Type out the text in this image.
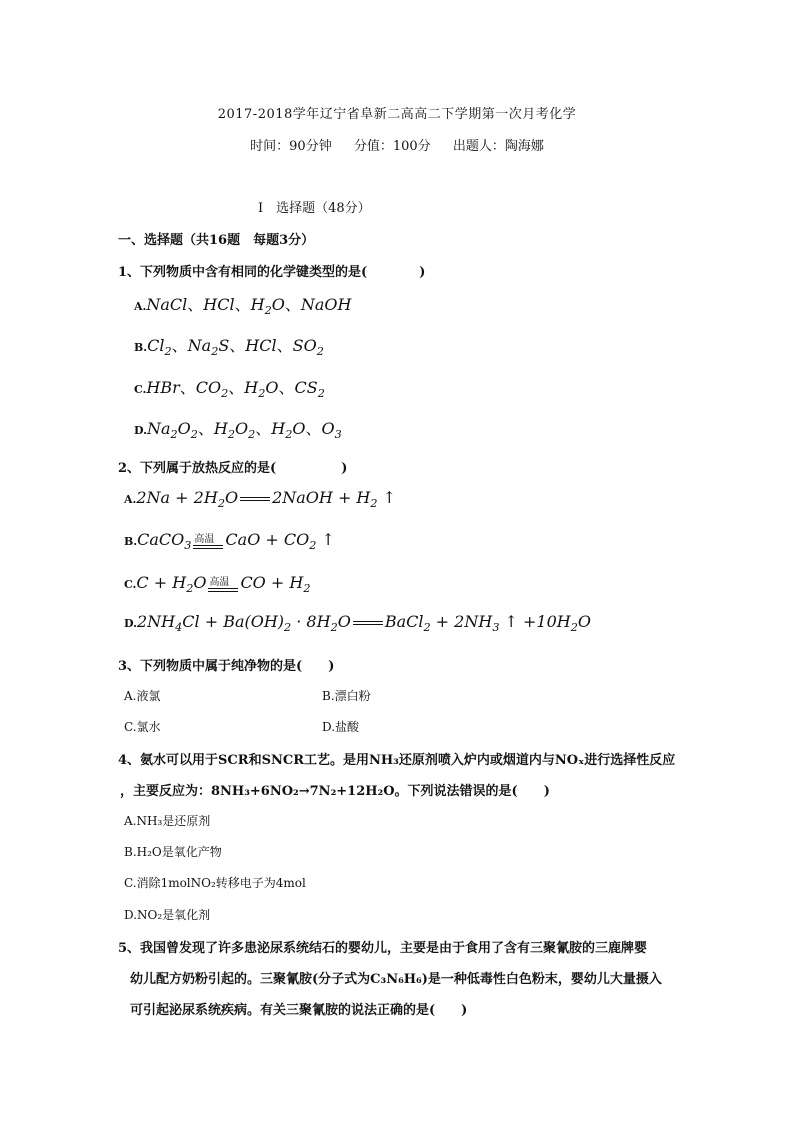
2017-2018学年辽宁省阜新二高高二下学期第一次月考化学
时间：90分钟 分值：100分 出题人：陶海娜
Ⅰ　选择题（48分）
一、选择题（共16题　每题3分）
1、下列物质中含有相同的化学键类型的是(　　　　)
A.NaCl、HCl、$H_2O$、NaOH
$B.Cl_2$、$Na_2S$、HCl、$SO_2$
C.HBr、$CO_2$、$H_2O$、$CS_2$
$D.Na_2O_2$、$H_2O_2$、$H_2O$、$O_3$
2、下列属于放热反应的是(　　　　　)
$A.2Na + 2H_2O$ 2NaOH + $H_2$ ↑
B.CaCO$_3$
高温 CaO + $CO_2$ ↑
$C.C + H_2O$ 高温 CO + $H_2$
$D.2NH_4Cl + Ba(OH)_2 \cdot 8H_2O$ BaCl$_2$ + $2NH_3$ ↑ $+10H_2O$
3、下列物质中属于纯净物的是(　　)
A.液氯	B.漂白粉
C.氯水	D.盐酸
4、氨水可以用于SCR和SNCR工艺。是用NH₃还原剂喷入炉内或烟道内与NOₓ进行选择性反应
，主要反应为：8NH₃+6NO₂→7N₂+12H₂O。下列说法错误的是(　　)
A.NH₃是还原剂
B.H₂O是氧化产物
C.消除1molNO₂转移电子为4mol
D.NO₂是氧化剂
5、我国曾发现了许多患泌尿系统结石的婴幼儿，主要是由于食用了含有三聚氰胺的三鹿牌婴
幼儿配方奶粉引起的。三聚氰胺(分子式为C₃N₆H₆)是一种低毒性白色粉末，婴幼儿大量摄入
可引起泌尿系统疾病。有关三聚氰胺的说法正确的是(　　)
